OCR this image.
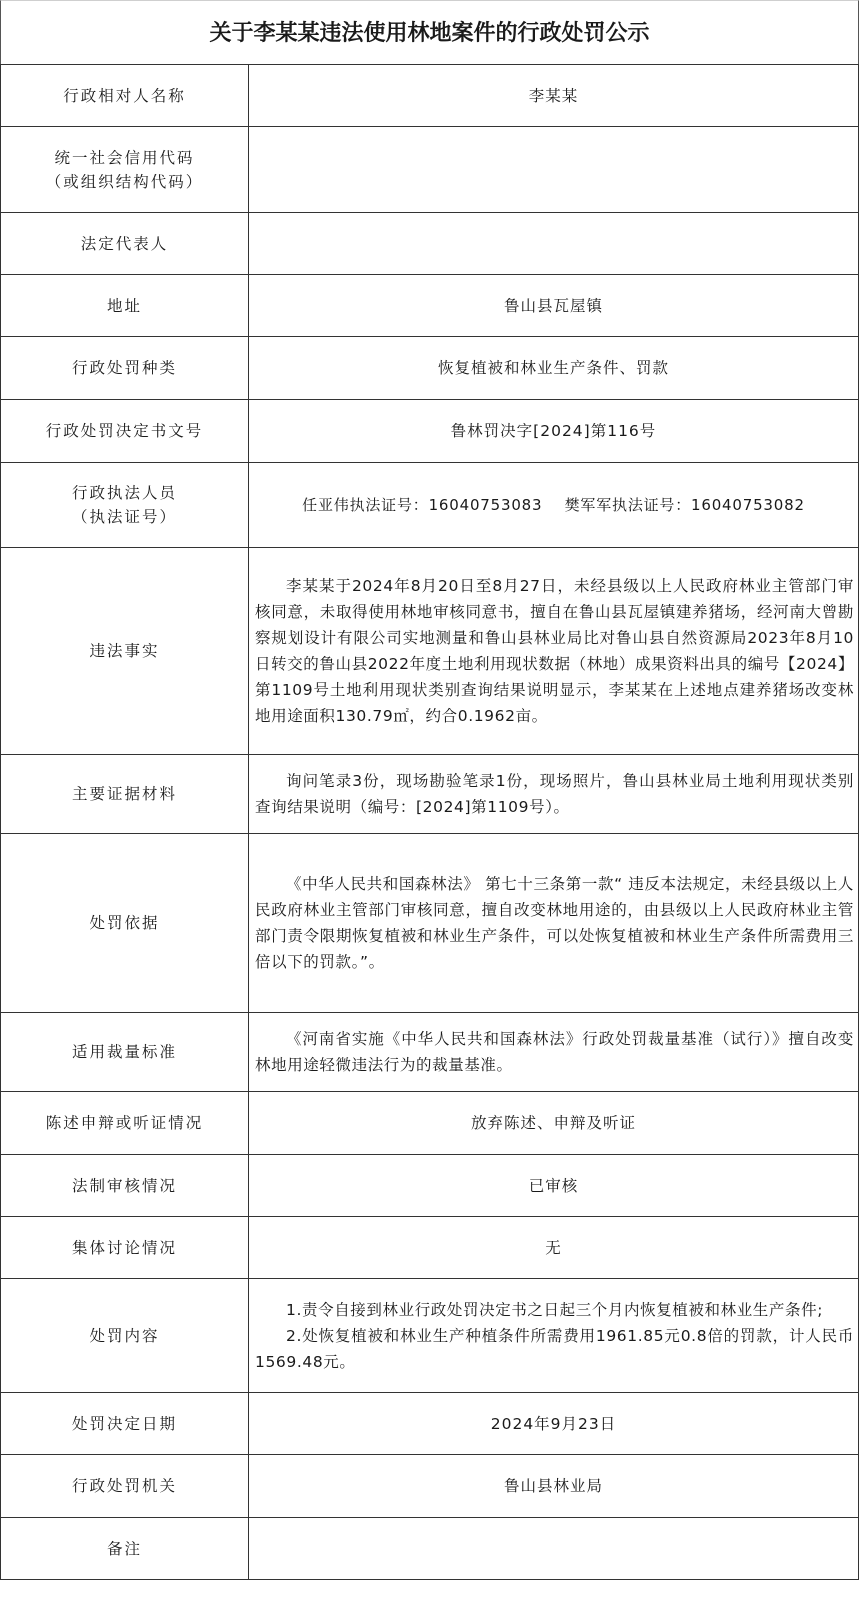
关于李某某违法使用林地案件的行政处罚公示
行政相对人名称	李某某

统一社会信用代码
（或组织结构代码）	

法定代表人	
地址	鲁山县瓦屋镇
行政处罚种类	恢复植被和林业生产条件、罚款
行政处罚决定书文号	鲁林罚决字[2024]第116号

行政执法人员
（执法证号）	任亚伟执法证号：16040753083    樊军军执法证号：16040753082
违法事实	李某某于2024年8月20日至8月27日，未经县级以上人民政府林业主管部门审核同意，未取得使用林地审核同意书，擅自在鲁山县瓦屋镇建养猪场，经河南大曾勘察规划设计有限公司实地测量和鲁山县林业局比对鲁山县自然资源局2023年8月10日转交的鲁山县2022年度土地利用现状数据（林地）成果资料出具的编号【2024】第1109号土地利用现状类别查询结果说明显示，李某某在上述地点建养猪场改变林地用途面积130.79㎡，约合0.1962亩。

主要证据材料	询问笔录3份，现场勘验笔录1份，现场照片，鲁山县林业局土地利用现状类别查询结果说明（编号：[2024]第1109号）。

处罚依据	《中华人民共和国森林法》 第七十三条第一款“ 违反本法规定，未经县级以上人民政府林业主管部门审核同意，擅自改变林地用途的，由县级以上人民政府林业主管部门责令限期恢复植被和林业生产条件，可以处恢复植被和林业生产条件所需费用三倍以下的罚款。”。

适用裁量标准	《河南省实施《中华人民共和国森林法》行政处罚裁量基准（试行）》擅自改变林地用途轻微违法行为的裁量基准。

陈述申辩或听证情况	放弃陈述、申辩及听证
法制审核情况	已审核
集体讨论情况	无
处罚内容	1.责令自接到林业行政处罚决定书之日起三个月内恢复植被和林业生产条件;
2.处恢复植被和林业生产种植条件所需费用1961.85元0.8倍的罚款，计人民币1569.48元。

处罚决定日期	2024年9月23日
行政处罚机关	鲁山县林业局
备注	
